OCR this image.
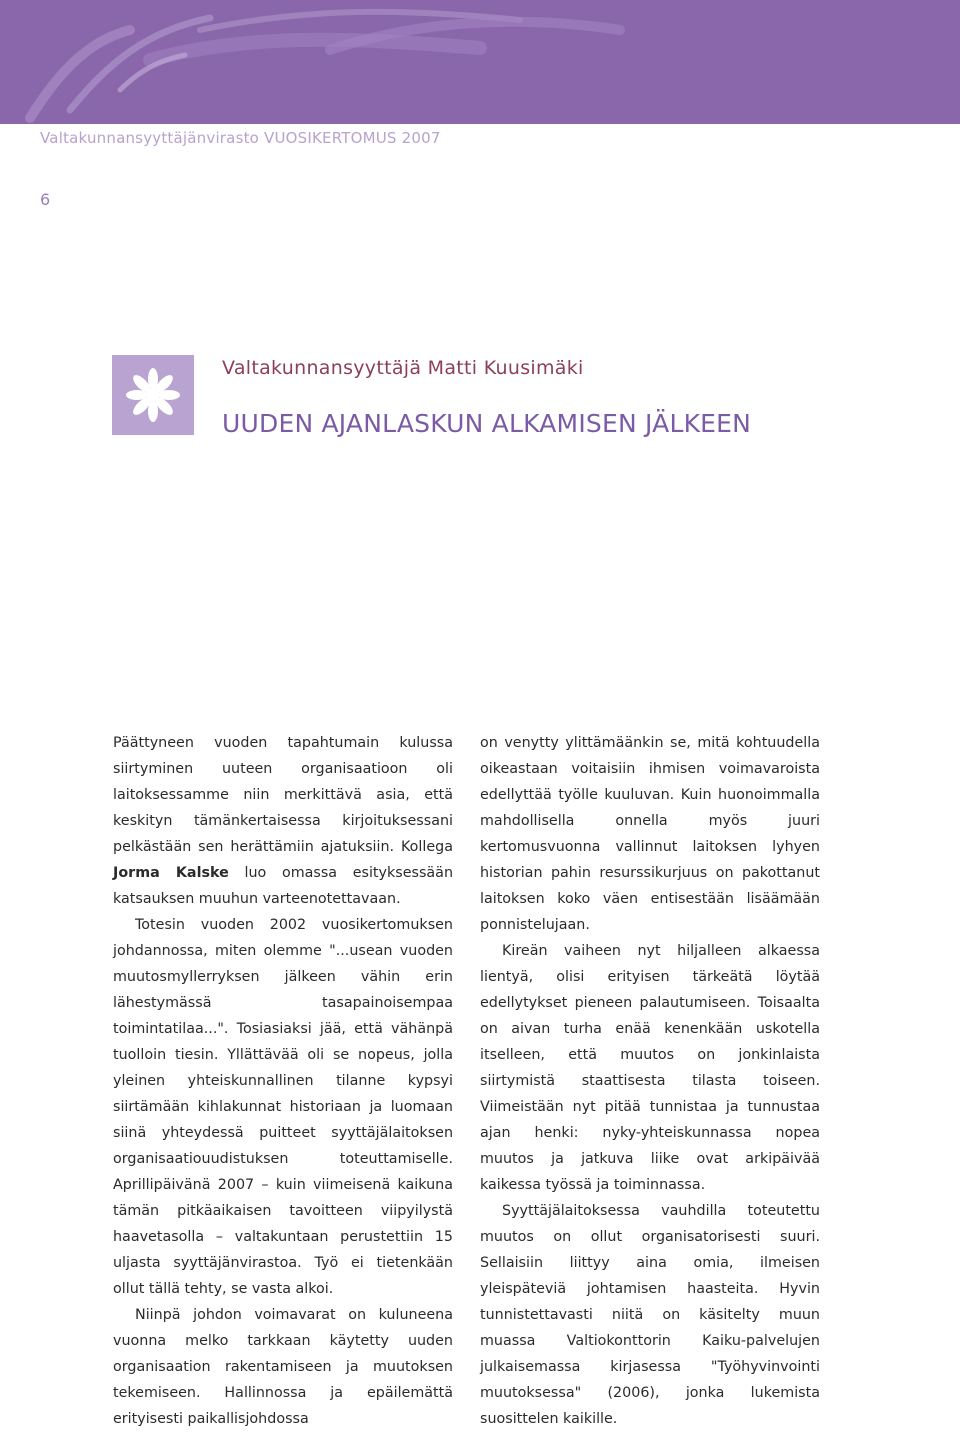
Valtakunnansyyttäjänvirasto VUOSIKERTOMUS 2007
6
Valtakunnansyyttäjä Matti Kuusimäki
UUDEN AJANLASKUN ALKAMISEN JÄLKEEN

Päättyneen vuoden tapahtumain kulussa siirtyminen uuteen organisaatioon oli laitoksessamme niin merkittävä asia, että keskityn tämänkertaisessa kirjoituksessani pelkästään sen herättämiin ajatuksiin. Kollega Jorma Kalske luo omassa esityksessään katsauksen muuhun varteenotettavaan.

Totesin vuoden 2002 vuosikertomuksen johdannossa, miten olemme "...usean vuoden muutosmyllerryksen jälkeen vähin erin lähestymässä tasapainoisempaa toimintatilaa...". Tosiasiaksi jää, että vähänpä tuolloin tiesin. Yllättävää oli se nopeus, jolla yleinen yhteiskunnallinen tilanne kypsyi siirtämään kihlakunnat historiaan ja luomaan siinä yhteydessä puitteet syyttäjälaitoksen organisaatiouudistuksen toteuttamiselle. Aprillipäivänä 2007 – kuin viimeisenä kaikuna tämän pitkäaikaisen tavoitteen viipyilystä haavetasolla – valtakuntaan perustettiin 15 uljasta syyttäjänvirastoa. Työ ei tietenkään ollut tällä tehty, se vasta alkoi.

Niinpä johdon voimavarat on kuluneena vuonna melko tarkkaan käytetty uuden organisaation rakentamiseen ja muutoksen tekemiseen. Hallinnossa ja epäilemättä erityisesti paikallisjohdossa

on venytty ylittämäänkin se, mitä kohtuudella oikeastaan voitaisiin ihmisen voimavaroista edellyttää työlle kuuluvan. Kuin huonoimmalla mahdollisella onnella myös juuri kertomusvuonna vallinnut laitoksen lyhyen historian pahin resurssikurjuus on pakottanut laitoksen koko väen entisestään lisäämään ponnistelujaan.

Kireän vaiheen nyt hiljalleen alkaessa lientyä, olisi erityisen tärkeätä löytää edellytykset pieneen palautumiseen. Toisaalta on aivan turha enää kenenkään uskotella itselleen, että muutos on jonkinlaista siirtymistä staattisesta tilasta toiseen. Viimeistään nyt pitää tunnistaa ja tunnustaa ajan henki: nyky-yhteiskunnassa nopea muutos ja jatkuva liike ovat arkipäivää kaikessa työssä ja toiminnassa.

Syyttäjälaitoksessa vauhdilla toteutettu muutos on ollut organisatorisesti suuri. Sellaisiin liittyy aina omia, ilmeisen yleispäteviä johtamisen haasteita. Hyvin tunnistettavasti niitä on käsitelty muun muassa Valtiokonttorin Kaiku-palvelujen julkaisemassa kirjasessa "Työhyvinvointi muutoksessa" (2006), jonka lukemista suosittelen kaikille.
